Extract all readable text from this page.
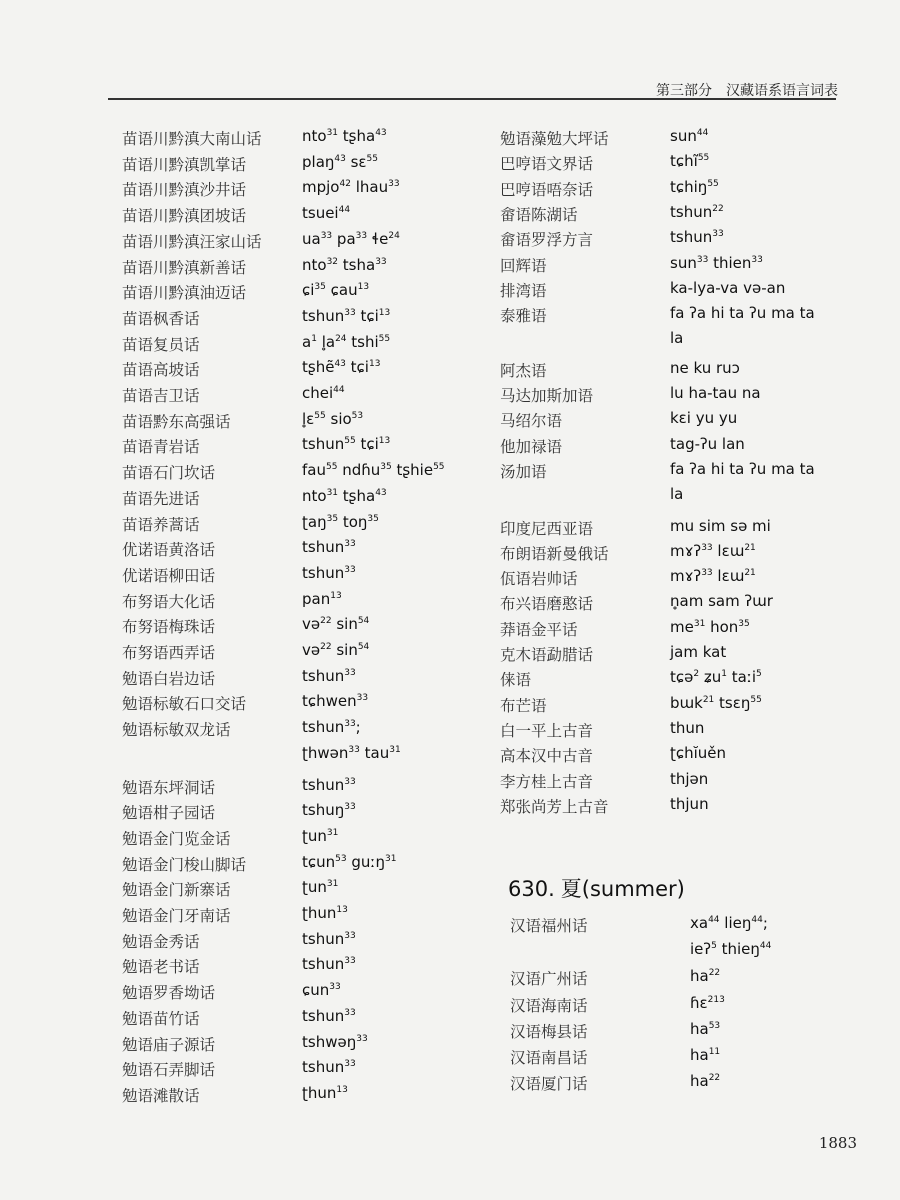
第三部分　汉藏语系语言词表
苗语川黔滇大南山话	nto$^{31}$ tʂha$^{43}$
苗语川黔滇凯掌话	plaŋ$^{43}$ sɛ$^{55}$
苗语川黔滇沙井话	mpjo$^{42}$ lhau$^{33}$
苗语川黔滇团坡话	tsuei$^{44}$
苗语川黔滇汪家山话	$ua^{33}$ $pa^{33}$ ɬe$^{24}$
苗语川黔滇新善话	nto$^{32}$ tsha$^{33}$
苗语川黔滇油迈话	ɕi$^{35}$ ɕau$^{13}$
苗语枫香话	tshun$^{33}$ tɕi$^{13}$
苗语复员话	$a^1$ $l̥a^{24}$ tshi$^{55}$
苗语高坡话	tʂhẽ$^{43}$ tɕi$^{13}$
苗语吉卫话	chei$^{44}$
苗语黔东高强话	l̥ɛ$^{55}$ sio$^{53}$
苗语青岩话	tshun$^{55}$ tɕi$^{13}$
苗语石门坎话	fau$^{55}$ ndɦu$^{35}$ tʂhie$^{55}$
苗语先进话	nto$^{31}$ tʂha$^{43}$
苗语养蒿话	ʈaŋ$^{35}$ toŋ$^{35}$
优诺语黄洛话	tshun$^{33}$
优诺语柳田话	tshun$^{33}$
布努语大化话	pan$^{13}$
布努语梅珠话	və$^{22}$ $\sin^{54}$
布努语西弄话	və$^{22}$ $\sin^{54}$
勉语白岩边话	tshun$^{33}$
勉语标敏石口交话	tɕhwen$^{33}$
勉语标敏双龙话	tshun$^{33}$;
ʈhwən$^{33}$ tau$^{31}$
勉语东坪洞话	tshun$^{33}$
勉语柑子园话	tshuŋ$^{33}$
勉语金门览金话	ʈun$^{31}$
勉语金门梭山脚话	tɕun$^{53}$ guːŋ$^{31}$
勉语金门新寨话	ʈun$^{31}$
勉语金门牙南话	ʈhun$^{13}$
勉语金秀话	tshun$^{33}$
勉语老书话	tshun$^{33}$
勉语罗香坳话	ɕun$^{33}$
勉语苗竹话	tshun$^{33}$
勉语庙子源话	tshwəŋ$^{33}$
勉语石弄脚话	tshun$^{33}$
勉语滩散话	ʈhun$^{13}$
勉语藻勉大坪话	sun$^{44}$
巴哼语文界话	tɕhĩ$^{55}$
巴哼语唔奈话	tɕhiŋ$^{55}$
畲语陈湖话	tshun$^{22}$
畲语罗浮方言	tshun$^{33}$
回辉语	sun$^{33}$ thien$^{33}$
排湾语	ka-lya-va və-an
泰雅语	fa ʔa hi ta ʔu ma ta
la
阿杰语	ne ku ruɔ
马达加斯加语	lu ha-tau na
马绍尔语	kɛi yu yu
他加禄语	tag-ʔu lan
汤加语	fa ʔa hi ta ʔu ma ta
la
印度尼西亚语	mu sim sə mi
布朗语新曼俄话	mɤʔ$^{33}$ lɛɯ$^{21}$
佤语岩帅话	mɤʔ$^{33}$ lɛɯ$^{21}$
布兴语磨憨话	n̥am sam ʔɯr
莽语金平话	$me^{31}$ hon$^{35}$
克木语勐腊话	jam kat
俫语	tɕə$^2$ ʑu$^1$ taːi$^5$
布芒语	bɯk$^{21}$ tsɛŋ$^{55}$
白一平上古音	thun
高本汉中古音	ʈɕhĭuěn
李方桂上古音	thjən
郑张尚芳上古音	thjun
630. 夏(summer)
汉语福州话	$xa^{44}$ lieŋ$^{44}$;
ieʔ$^5$ thieŋ$^{44}$
汉语广州话	$ha^{22}$
汉语海南话	ɦɛ$^{213}$
汉语梅县话	$ha^{53}$
汉语南昌话	$ha^{11}$
汉语厦门话	$ha^{22}$
1883
